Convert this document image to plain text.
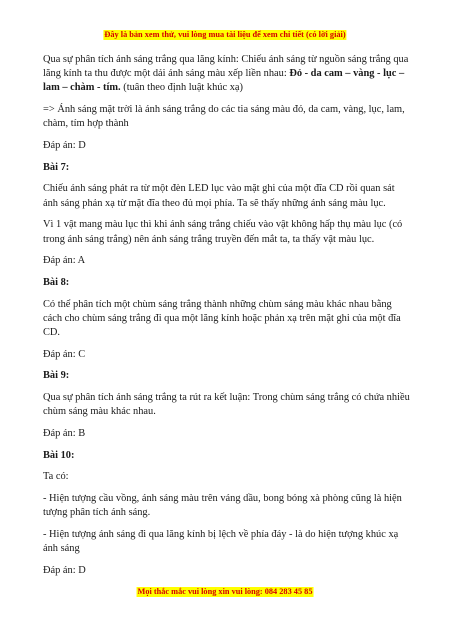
Đây là bản xem thử, vui lòng mua tài liệu để xem chi tiết (có lời giải)

Qua sự phân tích ánh sáng trắng qua lăng kính: Chiếu ánh sáng từ nguồn sáng trắng qua lăng kính ta thu được một dải ánh sáng màu xếp liền nhau: Đỏ - da cam – vàng - lục – lam – chàm - tím. (tuân theo định luật khúc xạ)

=> Ánh sáng mặt trời là ánh sáng trắng do các tia sáng màu đỏ, da cam, vàng, lục, lam, chàm, tím hợp thành

Đáp án: D

Bài 7:

Chiếu ánh sáng phát ra từ một đèn LED lục vào mặt ghi của một đĩa CD rồi quan sát ánh sáng phản xạ từ mặt đĩa theo đủ mọi phía. Ta sẽ thấy những ánh sáng màu lục.

Vì 1 vật mang màu lục thì khi ánh sáng trắng chiếu vào vật không hấp thụ màu lục (có trong ánh sáng trắng) nên ánh sáng trắng truyền đến mắt ta, ta thấy vật màu lục.

Đáp án: A

Bài 8:

Có thể phân tích một chùm sáng trắng thành những chùm sáng màu khác nhau bằng cách cho chùm sáng trắng đi qua một lăng kính hoặc phản xạ trên mặt ghi của một đĩa CD.

Đáp án: C

Bài 9:

Qua sự phân tích ánh sáng trắng ta rút ra kết luận: Trong chùm sáng trắng có chứa nhiều chùm sáng màu khác nhau.

Đáp án: B

Bài 10:

Ta có:

- Hiện tượng cầu vồng, ánh sáng màu trên váng dầu, bong bóng xà phòng cũng là hiện tượng phân tích ánh sáng.

- Hiện tượng ánh sáng đi qua lăng kính bị lệch về phía đáy - là do hiện tượng khúc xạ ánh sáng

Đáp án: D

Mọi thắc mắc vui lòng xin vui lòng: 084 283 45 85
